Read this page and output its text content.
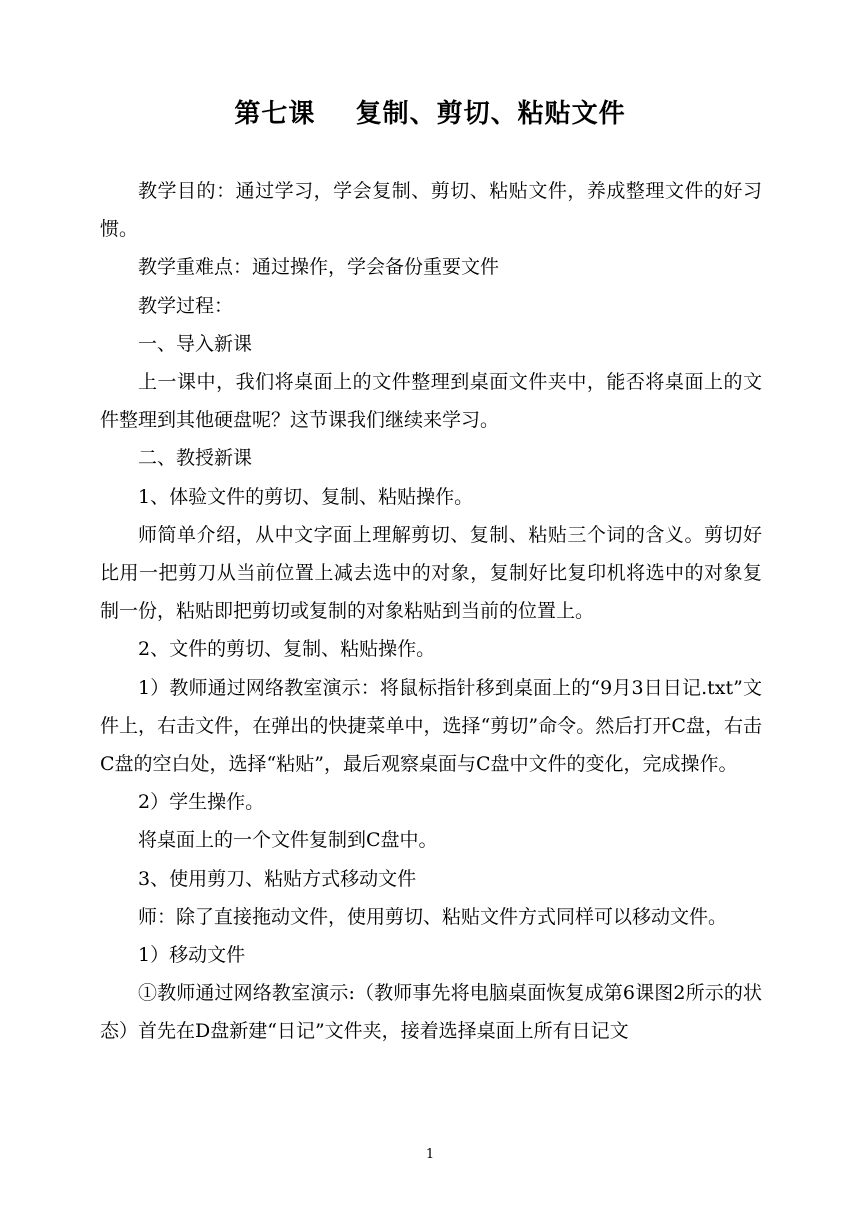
第七课    复制、剪切、粘贴文件

教学目的：通过学习，学会复制、剪切、粘贴文件，养成整理文件的好习惯。

教学重难点：通过操作，学会备份重要文件

教学过程：

一、导入新课

上一课中，我们将桌面上的文件整理到桌面文件夹中，能否将桌面上的文件整理到其他硬盘呢？这节课我们继续来学习。

二、教授新课

1、体验文件的剪切、复制、粘贴操作。

师简单介绍，从中文字面上理解剪切、复制、粘贴三个词的含义。剪切好比用一把剪刀从当前位置上减去选中的对象，复制好比复印机将选中的对象复制一份，粘贴即把剪切或复制的对象粘贴到当前的位置上。

2、文件的剪切、复制、粘贴操作。

1）教师通过网络教室演示：将鼠标指针移到桌面上的“9月3日日记.txt”文件上，右击文件，在弹出的快捷菜单中，选择“剪切”命令。然后打开C盘，右击C盘的空白处，选择“粘贴”，最后观察桌面与C盘中文件的变化，完成操作。

2）学生操作。

将桌面上的一个文件复制到C盘中。

3、使用剪刀、粘贴方式移动文件

师：除了直接拖动文件，使用剪切、粘贴文件方式同样可以移动文件。

1）移动文件

①教师通过网络教室演示:（教师事先将电脑桌面恢复成第6课图2所示的状态）首先在D盘新建“日记”文件夹，接着选择桌面上所有日记文

1
